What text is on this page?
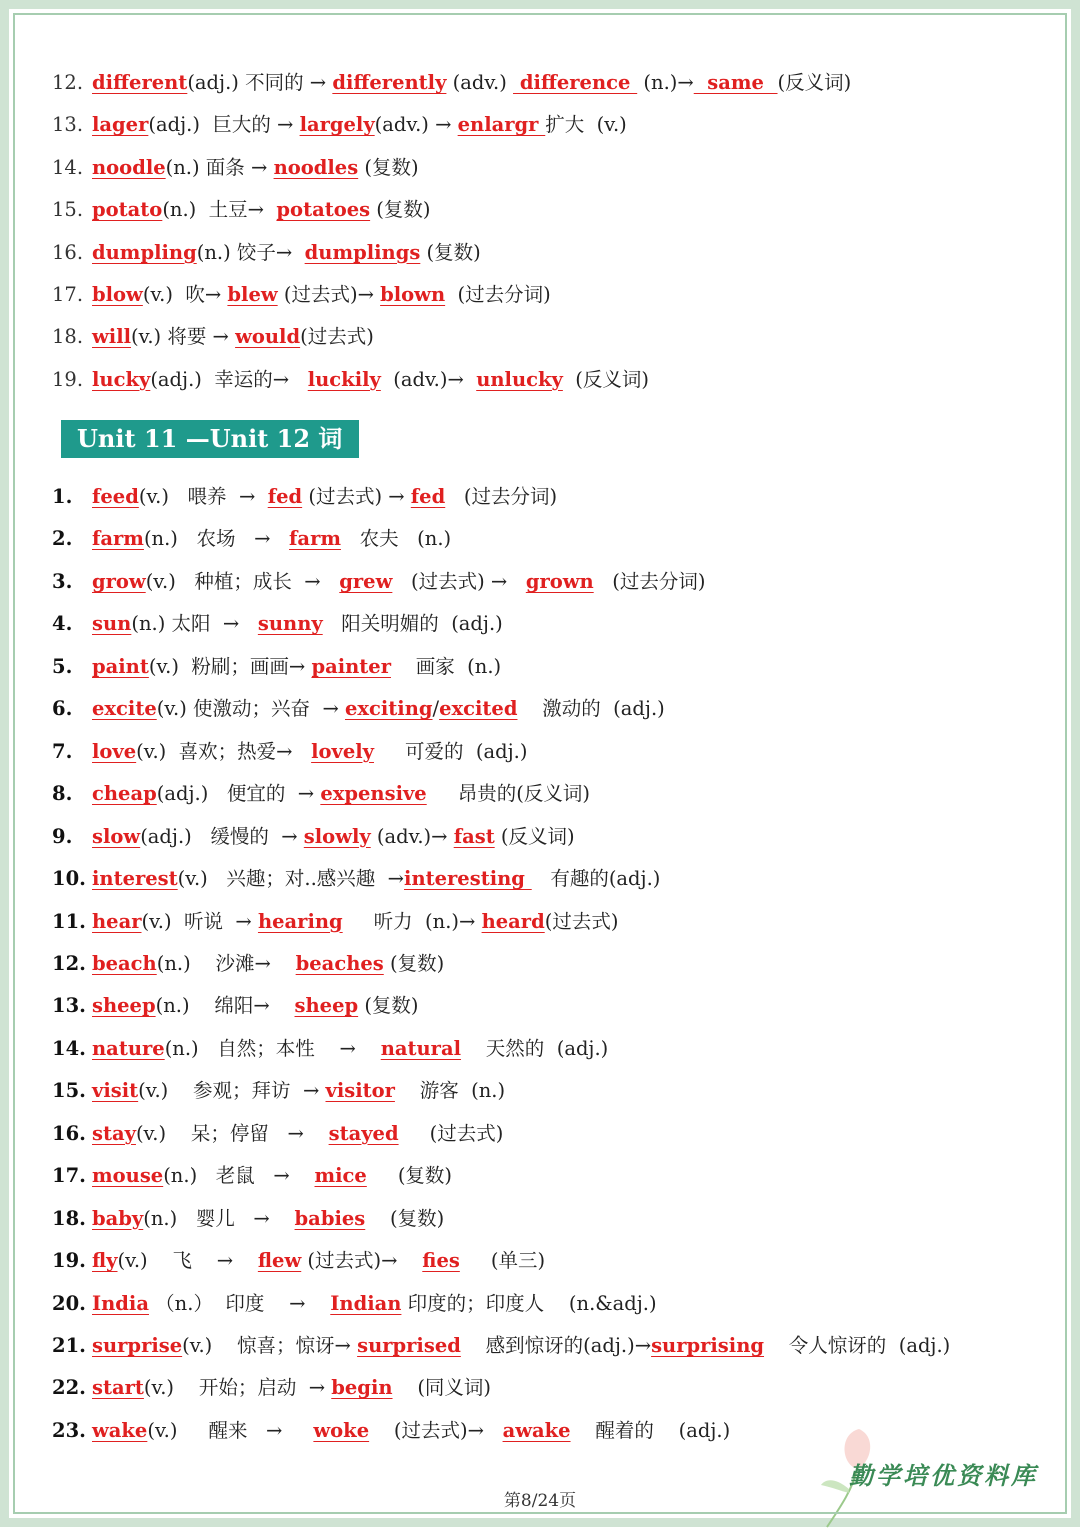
12. different(adj.) 不同的 → differently (adv.)  difference  (n.)→  same  (反义词)
13. lager(adj.)  巨大的 → largely(adv.) → enlargr 扩大  (v.)
14. noodle(n.) 面条 → noodles (复数)
15. potato(n.)  土豆→  potatoes (复数)
16. dumpling(n.) 饺子→  dumplings (复数)
17. blow(v.)  吹→ blew (过去式)→ blown  (过去分词)
18. will(v.) 将要 → would(过去式)
19. lucky(adj.)  幸运的→   luckily  (adv.)→  unlucky  (反义词)
Unit 11 —Unit 12 词汇
1. feed(v.)   喂养  →  fed (过去式) → fed   (过去分词)
2. farm(n.)   农场   →   farm   农夫   (n.)
3. grow(v.)   种植；成长  →   grew   (过去式) →   grown   (过去分词)
4. sun(n.) 太阳  →   sunny   阳关明媚的  (adj.)
5. paint(v.)  粉刷；画画→ painter    画家  (n.)
6. excite(v.) 使激动；兴奋  → exciting/excited    激动的  (adj.)
7. love(v.)  喜欢；热爱→   lovely     可爱的  (adj.)
8. cheap(adj.)   便宜的  → expensive     昂贵的(反义词)
9. slow(adj.)   缓慢的  → slowly (adv.)→ fast (反义词)
10. interest(v.)   兴趣；对..感兴趣  →interesting    有趣的(adj.)
11. hear(v.)  听说  → hearing     听力  (n.)→ heard(过去式)
12. beach(n.)    沙滩→    beaches (复数)
13. sheep(n.)    绵阳→    sheep (复数)
14. nature(n.)   自然；本性    →    natural    天然的  (adj.)
15. visit(v.)    参观；拜访  → visitor    游客  (n.)
16. stay(v.)    呆；停留   →    stayed     (过去式)
17. mouse(n.)   老鼠   →    mice     (复数)
18. baby(n.)   婴儿   →    babies    (复数)
19. fly(v.)    飞    →    flew (过去式)→    fies     (单三)
20. India （n.）  印度    →    Indian 印度的；印度人    (n.&adj.)
21. surprise(v.)    惊喜；惊讶→ surprised    感到惊讶的(adj.)→surprising    令人惊讶的  (adj.)
22. start(v.)    开始；启动  → begin    (同义词)
23. wake(v.)     醒来   →     woke    (过去式)→   awake    醒着的    (adj.)
勤学培优资料库
第8/24页
